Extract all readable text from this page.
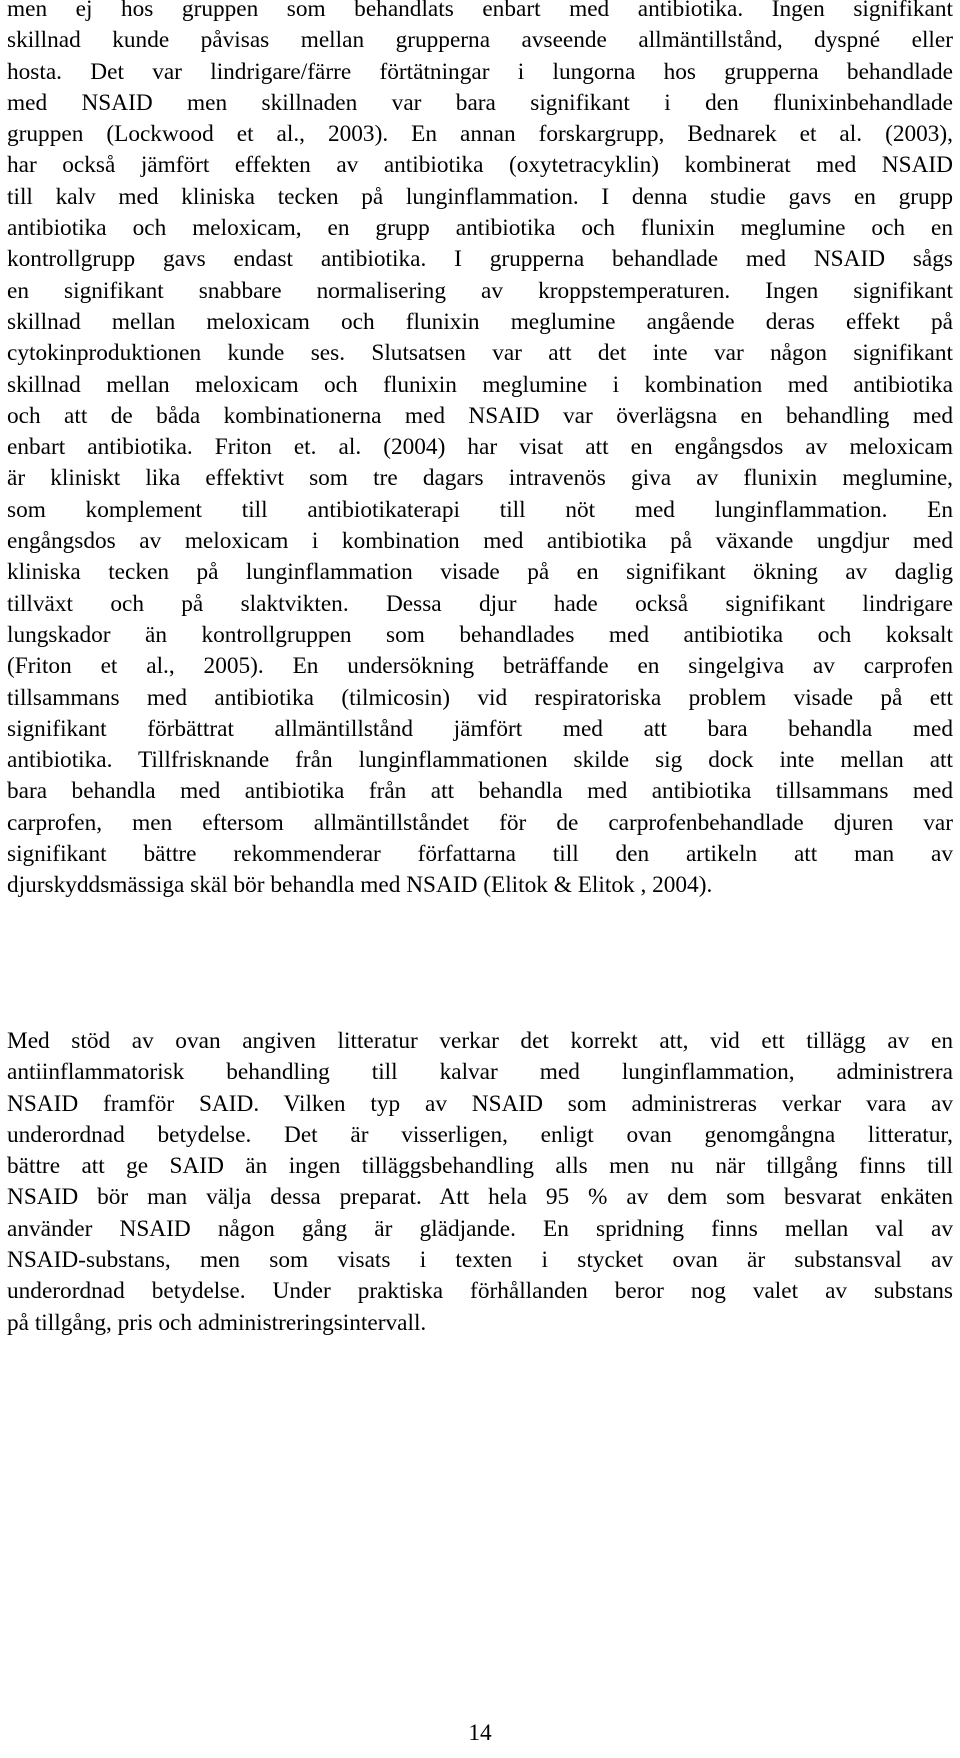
men ej hos gruppen som behandlats enbart med antibiotika. Ingen signifikant
skillnad kunde påvisas mellan grupperna avseende allmäntillstånd, dyspné eller
hosta. Det var lindrigare/färre förtätningar i lungorna hos grupperna behandlade
med NSAID men skillnaden var bara signifikant i den flunixinbehandlade
gruppen (Lockwood et al., 2003). En annan forskargrupp, Bednarek et al. (2003),
har också jämfört effekten av antibiotika (oxytetracyklin) kombinerat med NSAID
till kalv med kliniska tecken på lunginflammation. I denna studie gavs en grupp
antibiotika och meloxicam, en grupp antibiotika och flunixin meglumine och en
kontrollgrupp gavs endast antibiotika. I grupperna behandlade med NSAID sågs
en signifikant snabbare normalisering av kroppstemperaturen. Ingen signifikant
skillnad mellan meloxicam och flunixin meglumine angående deras effekt på
cytokinproduktionen kunde ses. Slutsatsen var att det inte var någon signifikant
skillnad mellan meloxicam och flunixin meglumine i kombination med antibiotika
och att de båda kombinationerna med NSAID var överlägsna en behandling med
enbart antibiotika. Friton et. al. (2004) har visat att en engångsdos av meloxicam
är kliniskt lika effektivt som tre dagars intravenös giva av flunixin meglumine,
som komplement till antibiotikaterapi till nöt med lunginflammation. En
engångsdos av meloxicam i kombination med antibiotika på växande ungdjur med
kliniska tecken på lunginflammation visade på en signifikant ökning av daglig
tillväxt och på slaktvikten. Dessa djur hade också signifikant lindrigare
lungskador än kontrollgruppen som behandlades med antibiotika och koksalt
(Friton et al., 2005). En undersökning beträffande en singelgiva av carprofen
tillsammans med antibiotika (tilmicosin) vid respiratoriska problem visade på ett
signifikant förbättrat allmäntillstånd jämfört med att bara behandla med
antibiotika. Tillfrisknande från lunginflammationen skilde sig dock inte mellan att
bara behandla med antibiotika från att behandla med antibiotika tillsammans med
carprofen, men eftersom allmäntillståndet för de carprofenbehandlade djuren var
signifikant bättre rekommenderar författarna till den artikeln att man av
djurskyddsmässiga skäl bör behandla med NSAID (Elitok & Elitok , 2004).
Med stöd av ovan angiven litteratur verkar det korrekt att, vid ett tillägg av en
antiinflammatorisk behandling till kalvar med lunginflammation, administrera
NSAID framför SAID. Vilken typ av NSAID som administreras verkar vara av
underordnad betydelse. Det är visserligen, enligt ovan genomgångna litteratur,
bättre att ge SAID än ingen tilläggsbehandling alls men nu när tillgång finns till
NSAID bör man välja dessa preparat. Att hela 95 % av dem som besvarat enkäten
använder NSAID någon gång är glädjande. En spridning finns mellan val av
NSAID-substans, men som visats i texten i stycket ovan är substansval av
underordnad betydelse. Under praktiska förhållanden beror nog valet av substans
på tillgång, pris och administreringsintervall.
14
